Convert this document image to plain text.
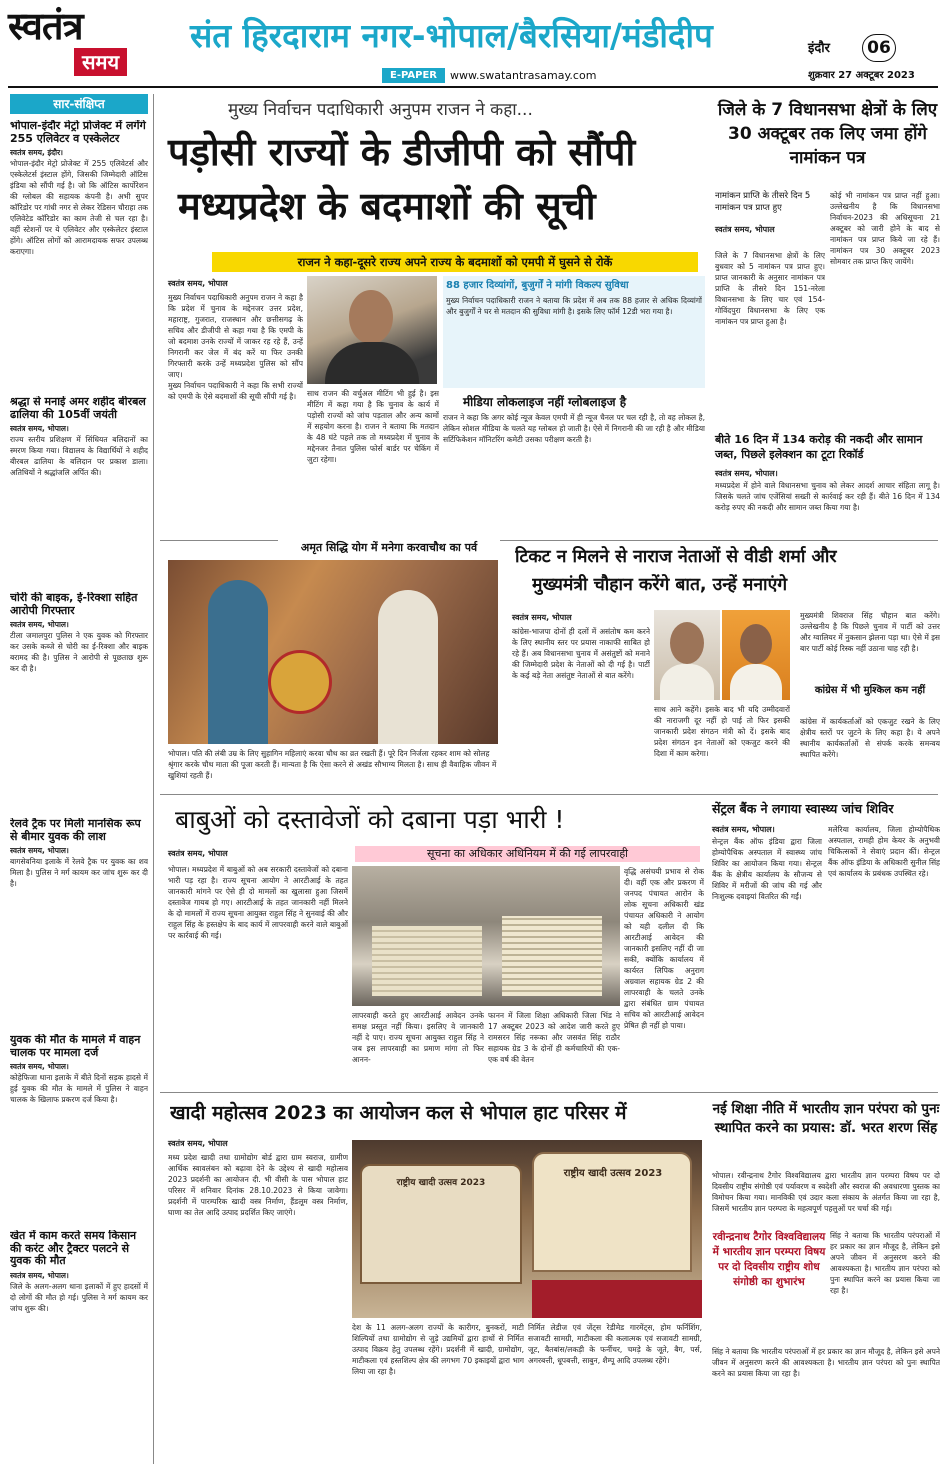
स्वतंत्र
समय
संत हिरदाराम नगर-भोपाल/बैरसिया/मंडीदीप
E-PAPER	www.swatantrasamay.com
इंदौर	06
शुक्रवार 27 अक्टूबर 2023
सार-संक्षिप्त
भोपाल-इंदौर मेट्रो प्रोजेक्ट में लगेंगे 255 एलिवेटर व एस्केलेटर
स्वतंत्र समय, इंदौर।
भोपाल-इंदौर मेट्रो प्रोजेक्ट में 255 एलिवेटर्स और एस्केलेटर्स इंस्टाल होंगे, जिसकी जिम्मेदारी ऑटिस इंडिया को सौंपी गई है। जो कि ऑटिस कार्पोरेशन की ग्लोबल की सहायक कंपनी है। अभी सुपर कॉरिडोर पर गांधी नगर से लेकर रेडिसन चौराहा तक एलिवेटेड कॉरिडोर का काम तेजी से चल रहा है। वहीं स्टेशनों पर ये एलिवेटर और एस्केलेटर इंस्टाल होंगे। ऑटिस लोगों को आरामदायक सफर उपलब्ध कराएगा।
श्रद्धा से मनाई अमर शहीद बीरबल ढालिया की 105वीं जयंती
स्वतंत्र समय, भोपाल।
राज्य स्तरीय प्रशिक्षण में सिंधियत बलिदानों का स्मरण किया गया। विद्यालय के विद्यार्थियों ने शहीद बीरबल ढालिया के बलिदान पर प्रकाश डाला। अतिथियों ने श्रद्धांजलि अर्पित की।
चोरी की बाइक, ई-रिक्शा सहित आरोपी गिरफ्तार
स्वतंत्र समय, भोपाल।
टीला जमालपुरा पुलिस ने एक युवक को गिरफ्तार कर उसके कब्जे से चोरी का ई-रिक्शा और बाइक बरामद की है। पुलिस ने आरोपी से पूछताछ शुरू कर दी है।
रेलवे ट्रैक पर मिली मानसिक रूप से बीमार युवक की लाश
स्वतंत्र समय, भोपाल।
बागसेवनिया इलाके में रेलवे ट्रैक पर युवक का शव मिला है। पुलिस ने मर्ग कायम कर जांच शुरू कर दी है।
युवक की मौत के मामले में वाहन चालक पर मामला दर्ज
स्वतंत्र समय, भोपाल।
कोहेफिजा थाना इलाके में बीते दिनों सड़क हादसे में हुई युवक की मौत के मामले में पुलिस ने वाहन चालक के खिलाफ प्रकरण दर्ज किया है।
खेत में काम करते समय किसान की करंट और ट्रैक्टर पलटने से युवक की मौत
स्वतंत्र समय, भोपाल।
जिले के अलग-अलग थाना इलाकों में हुए हादसों में दो लोगों की मौत हो गई। पुलिस ने मर्ग कायम कर जांच शुरू की।
मुख्य निर्वाचन पदाधिकारी अनुपम राजन ने कहा...
पड़ोसी राज्यों के डीजीपी को सौंपी
मध्यप्रदेश के बदमाशों की सूची
राजन ने कहा-दूसरे राज्य अपने राज्य के बदमाशों को एमपी में घुसने से रोकें
स्वतंत्र समय, भोपाल
मुख्य निर्वाचन पदाधिकारी अनुपम राजन ने कहा है कि प्रदेश में चुनाव के मद्देनजर उत्तर प्रदेश, महाराष्ट्र, गुजरात, राजस्थान और छत्तीसगढ़ के सचिव और डीजीपी से कहा गया है कि एमपी के जो बदमाश उनके राज्यों में जाकर रह रहे हैं, उन्हें निगरानी कर जेल में बंद करें या फिर उनकी गिरफ्तारी करके उन्हें मध्यप्रदेश पुलिस को सौंप जाए।
मुख्य निर्वाचन पदाधिकारी ने कहा कि सभी राज्यों को एमपी के ऐसे बदमाशों की सूची सौंपी गई है।	साथ राजन की वर्चुअल मीटिंग भी हुई है। इस मीटिंग में कहा गया है कि चुनाव के कार्य में पड़ोसी राज्यों को जांच पड़ताल और अन्य कामों में सहयोग करना है। राजन ने बताया कि मतदान के 48 घंटे पहले तक तो मध्यप्रदेश में चुनाव के मद्देनजर तैनात पुलिस फोर्स बार्डर पर चेकिंग में जुटा रहेगा।
88 हजार दिव्यांगों, बुजुर्गों ने मांगी विकल्प सुविधा
मुख्य निर्वाचन पदाधिकारी राजन ने बताया कि प्रदेश में अब तक 88 हजार से अधिक दिव्यांगों और बुजुर्गों ने घर से मतदान की सुविधा मांगी है। इसके लिए फॉर्म 12डी भरा गया है।
मीडिया लोकलाइज नहीं ग्लोबलाइज है
राजन ने कहा कि अगर कोई न्यूज केवल एमपी में ही न्यूज चैनल पर चल रही है, तो वह लोकल है, लेकिन सोशल मीडिया के चलते यह ग्लोबल हो जाती है। ऐसे में निगरानी की जा रही है और मीडिया सर्टिफिकेशन मॉनिटरिंग कमेटी उसका परीक्षण करती है।
जिले के 7 विधानसभा क्षेत्रों के लिए 30 अक्टूबर तक लिए जमा होंगे नामांकन पत्र
नामांकन प्राप्ति के तीसरे दिन 5 नामांकन पत्र प्राप्त हुए
स्वतंत्र समय, भोपाल
जिले के 7 विधानसभा क्षेत्रों के लिए बुधवार को 5 नामांकन पत्र प्राप्त हुए। प्राप्त जानकारी के अनुसार नामांकन पत्र प्राप्ति के तीसरे दिन 151-नरेला विधानसभा के लिए चार एवं 154-गोविंदपुरा विधानसभा के लिए एक नामांकन पत्र प्राप्त हुआ है।
कोई भी नामांकन पत्र प्राप्त नहीं हुआ। उल्लेखनीय है कि विधानसभा निर्वाचन-2023 की अधिसूचना 21 अक्टूबर को जारी होने के बाद से नामांकन पत्र प्राप्त किये जा रहे हैं। नामांकन पत्र 30 अक्टूबर 2023 सोमवार तक प्राप्त किए जायेंगे।
बीते 16 दिन में 134 करोड़ की नकदी और सामान जब्त, पिछले इलेक्शन का टूटा रिकॉर्ड
स्वतंत्र समय, भोपाल।
मध्यप्रदेश में होने वाले विधानसभा चुनाव को लेकर आदर्श आचार संहिता लागू है। जिसके चलते जांच एजेंसियां सख्ती से कार्रवाई कर रही हैं। बीते 16 दिन में 134 करोड़ रुपए की नकदी और सामान जब्त किया गया है।
अमृत सिद्धि योग में मनेगा करवाचौथ का पर्व
भोपाल। पति की लंबी उम्र के लिए सुहागिन महिलाएं करवा चौथ का व्रत रखती हैं। पूरे दिन निर्जला रहकर शाम को सोलह श्रृंगार करके चौथ माता की पूजा करती हैं। मान्यता है कि ऐसा करने से अखंड सौभाग्य मिलता है। साथ ही वैवाहिक जीवन में खुशियां रहती हैं।
टिकट न मिलने से नाराज नेताओं से वीडी शर्मा और
मुख्यमंत्री चौहान करेंगे बात, उन्हें मनाएंगे
स्वतंत्र समय, भोपाल
कांग्रेस-भाजपा दोनों ही दलों में असंतोष कम करने के लिए स्थानीय स्तर पर प्रयास नाकाफी साबित हो रहे हैं। अब विधानसभा चुनाव में असंतुष्टों को मनाने की जिम्मेदारी प्रदेश के नेताओं को दी गई है। पार्टी के कई बड़े नेता असंतुष्ट नेताओं से बात करेंगे।
साथ आने कहेंगे। इसके बाद भी यदि उम्मीदवारों की नाराजगी दूर नहीं हो पाई तो फिर इसकी जानकारी प्रदेश संगठन मंत्री को दें। इसके बाद प्रदेश संगठन इन नेताओं को एकजुट करने की दिशा में काम करेगा।
मुख्यमंत्री शिवराज सिंह चौहान बात करेंगे। उल्लेखनीय है कि पिछले चुनाव में पार्टी को उत्तर और ग्वालियर में नुकसान झेलना पड़ा था। ऐसे में इस बार पार्टी कोई रिस्क नहीं उठाना चाह रही है।
कांग्रेस में भी मुश्किल कम नहीं
कांग्रेस में कार्यकर्ताओं को एकजुट रखने के लिए क्षेत्रीय स्तरों पर जुटने के लिए कहा है। ये अपने स्थानीय कार्यकर्ताओं से संपर्क करके समन्वय स्थापित करेंगे।
बाबुओं को दस्तावेजों को दबाना पड़ा भारी !
सूचना का अधिकार अधिनियम में की गई लापरवाही
स्वतंत्र समय, भोपाल
भोपाल। मध्यप्रदेश में बाबुओं को अब सरकारी दस्तावेजों को दबाना भारी पड़ रहा है। राज्य सूचना आयोग ने आरटीआई के तहत जानकारी मांगने पर ऐसे ही दो मामलों का खुलासा हुआ जिसमें दस्तावेज गायब हो गए। आरटीआई के तहत जानकारी नहीं मिलने के दो मामलों में राज्य सूचना आयुक्त राहुल सिंह ने सुनवाई की और राहुल सिंह के हस्तक्षेप के बाद कार्य में लापरवाही करने वाले बाबुओं पर कार्रवाई की गई।
लापरवाही करते हुए आरटीआई आवेदन उनके समक्ष प्रस्तुत नहीं किया। इसलिए वे जानकारी नहीं दे पाए। राज्य सूचना आयुक्त राहुल सिंह ने जब इस लापरवाही का प्रमाण मांगा तो फिर आनन-
फानन में जिला शिक्षा अधिकारी जिला भिंड ने 17 अक्टूबर 2023 को आदेश जारी करते हुए रामसरन सिंह नरूका और जसवंत सिंह राठौर सहायक ग्रेड 3 के दोनों ही कर्मचारियों की एक-एक वर्ष की वेतन
वृद्धि असंचयी प्रभाव से रोक दी। वहीं एक और प्रकरण में जनपद पंचायत आरोन के लोक सूचना अधिकारी खंड पंचायत अधिकारी ने आयोग को यही दलील दी कि आरटीआई आवेदन की जानकारी इसलिए नहीं दी जा सकी, क्योंकि कार्यालय में कार्यरत लिपिक अनुराग अग्रवाल सहायक ग्रेड 2 की लापरवाही के चलते उनके द्वारा संबंधित ग्राम पंचायत सचिव को आरटीआई आवेदन प्रेषित ही नहीं हो पाया।
सेंट्रल बैंक ने लगाया स्वास्थ्य जांच शिविर
स्वतंत्र समय, भोपाल।
सेन्ट्रल बैंक ऑफ इंडिया द्वारा जिला होम्योपैथिक अस्पताल में स्वास्थ्य जांच शिविर का आयोजन किया गया। सेन्ट्रल बैंक के क्षेत्रीय कार्यालय के सौजन्य से शिविर में मरीजों की जांच की गई और निःशुल्क दवाइयां वितरित की गईं।
मलेरिया कार्यालय, जिला होम्योपैथिक अस्पताल, रामही होम केयर के अनुभवी चिकित्सकों ने सेवाएं प्रदान कीं। सेन्ट्रल बैंक ऑफ इंडिया के अधिकारी सुनील सिंह एवं कार्यालय के प्रबंधक उपस्थित रहे।
खादी महोत्सव 2023 का आयोजन कल से भोपाल हाट परिसर में
स्वतंत्र समय, भोपाल
मध्य प्रदेश खादी तथा ग्रामोद्योग बोर्ड द्वारा ग्राम स्वराज, ग्रामीण आर्थिक स्वावलंबन को बढ़ावा देने के उद्देश्य से खादी महोत्सव 2023 प्रदर्शनी का आयोजन दी. भी वीसी के पास भोपाल हाट परिसर में शनिवार दिनांक 28.10.2023 से किया जावेगा। प्रदर्शनी में पारम्परिक खादी वस्त्र निर्माण, हैंडलूम वस्त्र निर्माण, घाणा का तेल आदि उत्पाद प्रदर्शित किए जाएंगे।
राष्ट्रीय खादी उत्सव 2023
राष्ट्रीय खादी उत्सव 2023
देश के 11 अलग-अलग राज्यों के कारीगर, बुनकरों, माटी शिल्पियों तथा ग्रामोद्योग से जुड़े उद्यमियों द्वारा हाथों से निर्मित उत्पाद विक्रय हेतु उपलब्ध रहेंगे। प्रदर्शनी में खादी, ग्रामोद्योग, माटीकला एवं हस्तशिल्प क्षेत्र की लगभग 70 इकाइयों द्वारा भाग लिया जा रहा है।
निर्मित लेडीज एवं जेंट्स रेडीमेड गारमेंट्स, होम फर्निशिंग, सजावटी सामग्री, माटीकला की कलात्मक एवं सजावटी सामग्री, जूट, बैतबांस/लकड़ी के फर्नीचर, चमड़े के जूते, बैग, पर्स, अगरबत्ती, धूपबत्ती, साबुन, शैम्पू आदि उपलब्ध रहेंगे।
नई शिक्षा नीति में भारतीय ज्ञान परंपरा को पुनः स्थापित करने का प्रयास: डॉ. भरत शरण सिंह
भोपाल। रवीन्द्रनाथ टैगोर विश्वविद्यालय द्वारा भारतीय ज्ञान परम्परा विषय पर दो दिवसीय राष्ट्रीय संगोष्ठी एवं पर्यावरण व स्वदेशी और स्वराज की अवधारणा पुस्तक का विमोचन किया गया। मानविकी एवं उदार कला संकाय के अंतर्गत किया जा रहा है, जिसमें भारतीय ज्ञान परम्परा के महत्वपूर्ण पहलुओं पर चर्चा की गई।
रवीन्द्रनाथ टैगोर विश्वविद्यालय में भारतीय ज्ञान परम्परा विषय पर दो दिवसीय राष्ट्रीय शोध संगोष्ठी का शुभारंभ
सिंह ने बताया कि भारतीय परंपराओं में हर प्रकार का ज्ञान मौजूद है, लेकिन इसे अपने जीवन में अनुसरण करने की आवश्यकता है। भारतीय ज्ञान परंपरा को पुनः स्थापित करने का प्रयास किया जा रहा है।
सिंह ने बताया कि भारतीय परंपराओं में हर प्रकार का ज्ञान मौजूद है, लेकिन इसे अपने जीवन में अनुसरण करने की आवश्यकता है। भारतीय ज्ञान परंपरा को पुनः स्थापित करने का प्रयास किया जा रहा है।
